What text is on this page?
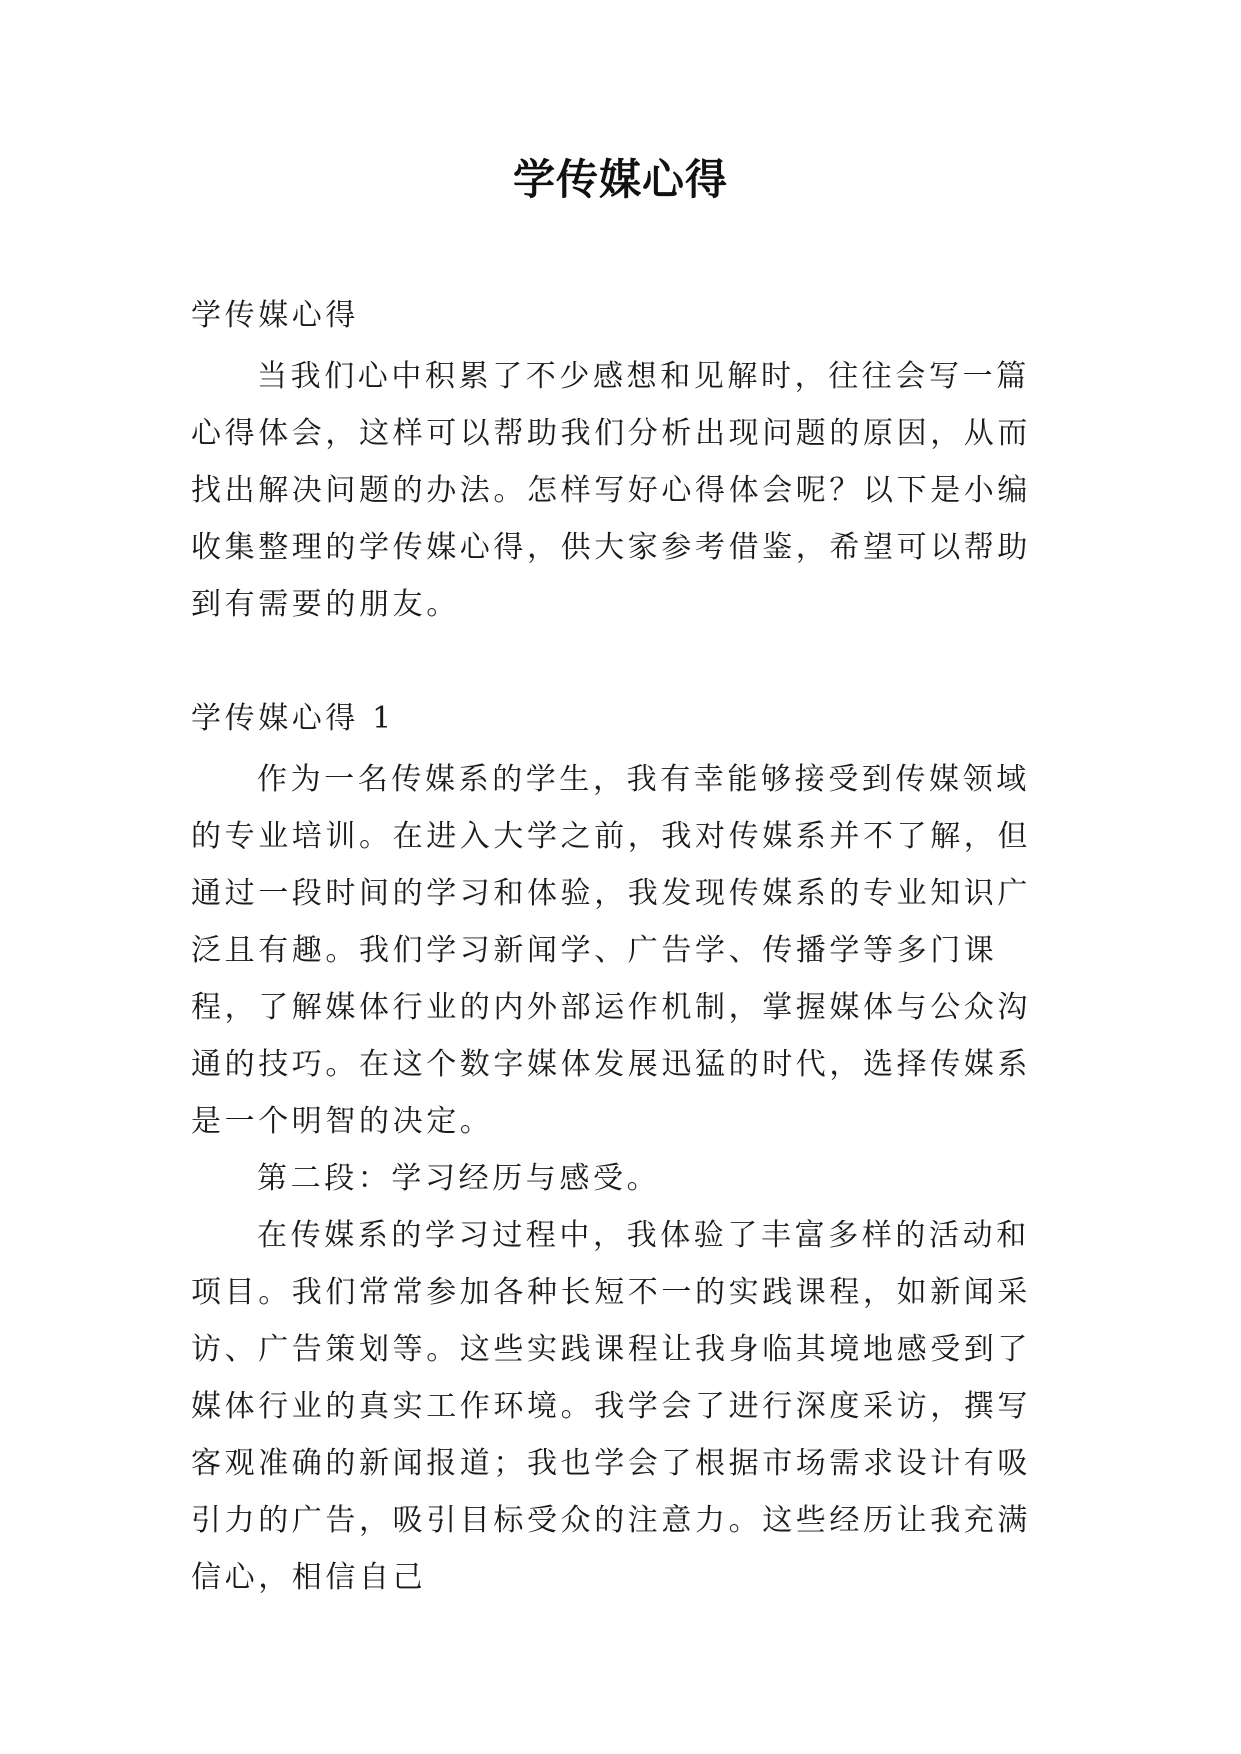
学传媒心得

学传媒心得

当我们心中积累了不少感想和见解时，往往会写一篇心得体会，这样可以帮助我们分析出现问题的原因，从而找出解决问题的办法。怎样写好心得体会呢？以下是小编收集整理的学传媒心得，供大家参考借鉴，希望可以帮助到有需要的朋友。

学传媒心得 1

作为一名传媒系的学生，我有幸能够接受到传媒领域的专业培训。在进入大学之前，我对传媒系并不了解，但通过一段时间的学习和体验，我发现传媒系的专业知识广泛且有趣。我们学习新闻学、广告学、传播学等多门课程，了解媒体行业的内外部运作机制，掌握媒体与公众沟通的技巧。在这个数字媒体发展迅猛的时代，选择传媒系是一个明智的决定。

第二段：学习经历与感受。

在传媒系的学习过程中，我体验了丰富多样的活动和项目。我们常常参加各种长短不一的实践课程，如新闻采访、广告策划等。这些实践课程让我身临其境地感受到了媒体行业的真实工作环境。我学会了进行深度采访，撰写客观准确的新闻报道；我也学会了根据市场需求设计有吸引力的广告，吸引目标受众的注意力。这些经历让我充满信心，相信自己
